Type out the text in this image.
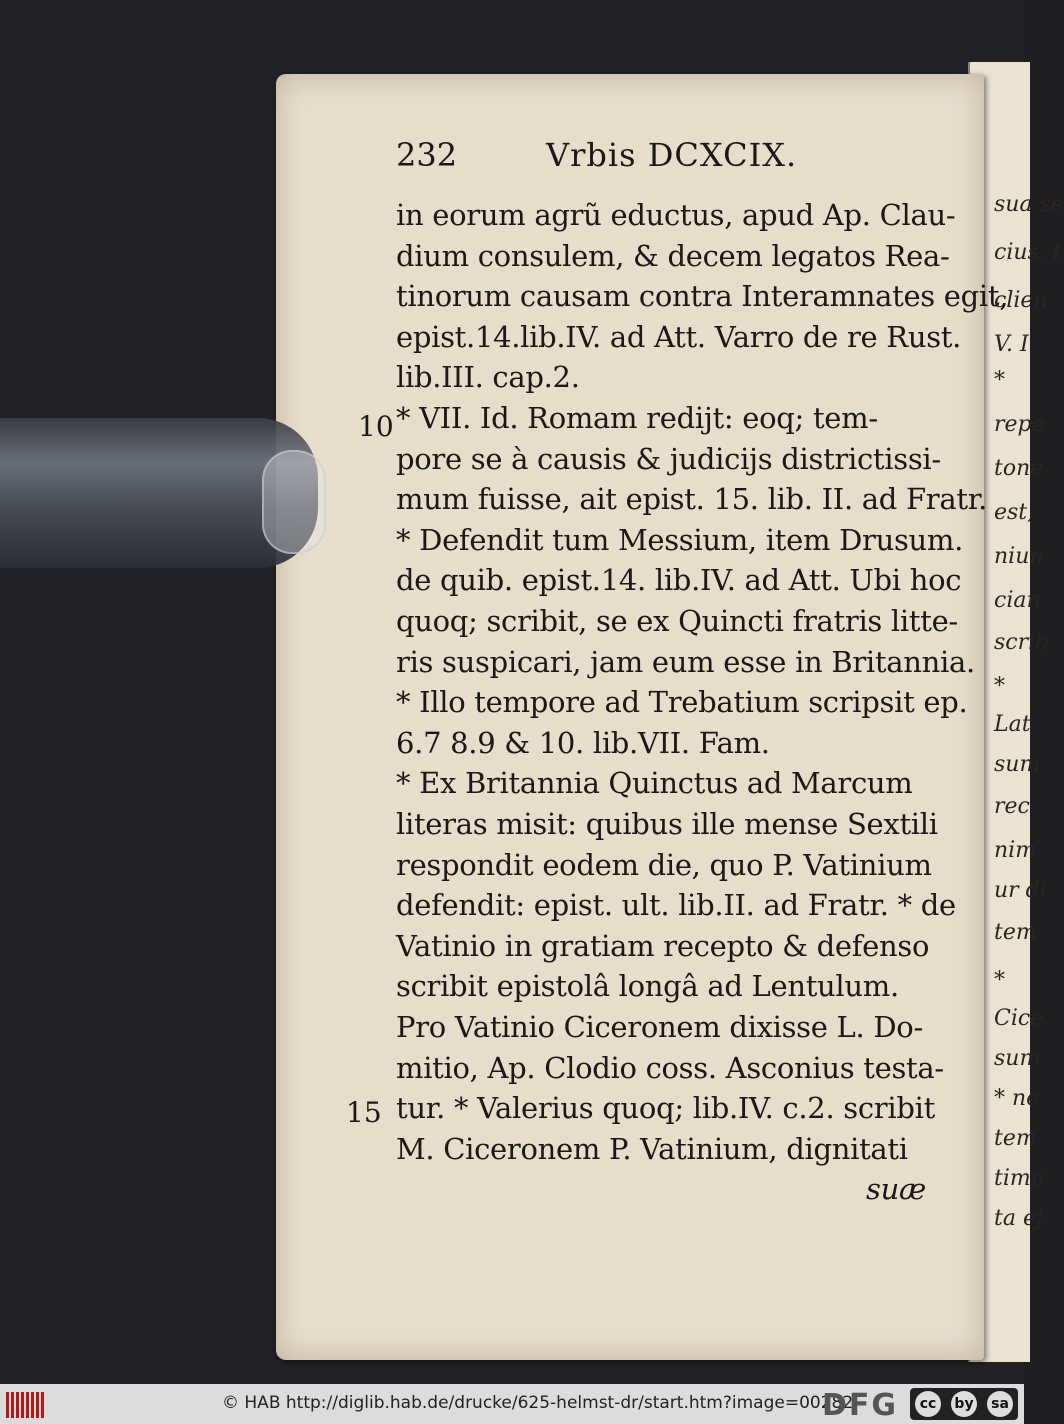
sua se
cius. t
clien
V. I
*
repe
tone
est,
niun
cian
scrib
*
Lat
sum
rec
nim
ur di
tem
*
Cice
sum
* ne
tem
timu
ta ej
232	Vrbis DCXCIX.
10
15
in eorum agrũ eductus, apud Ap. Clau-
dium consulem, & decem legatos Rea-
tinorum causam contra Interamnates egit,
epist.14.lib.IV. ad Att. Varro de re Rust.
lib.III. cap.2.
* VII. Id. Romam redijt: eoq; tem-
pore se à causis & judicijs districtissi-
mum fuisse, ait epist. 15. lib. II. ad Fratr.
* Defendit tum Messium, item Drusum.
de quib. epist.14. lib.IV. ad Att. Ubi hoc
quoq; scribit, se ex Quincti fratris litte-
ris suspicari, jam eum esse in Britannia.
* Illo tempore ad Trebatium scripsit ep.
6.7 8.9 & 10. lib.VII. Fam.
* Ex Britannia Quinctus ad Marcum
literas misit: quibus ille mense Sextili
respondit eodem die, quo P. Vatinium
defendit: epist. ult. lib.II. ad Fratr. * de
Vatinio in gratiam recepto & defenso
scribit epistolâ longâ ad Lentulum.
Pro Vatinio Ciceronem dixisse L. Do-
mitio, Ap. Clodio coss. Asconius testa-
tur. * Valerius quoq; lib.IV. c.2. scribit
M. Ciceronem P. Vatinium, dignitati
suæ
© HAB http://diglib.hab.de/drucke/625-helmst-dr/start.htm?image=00282
DFG	cc	by sa
